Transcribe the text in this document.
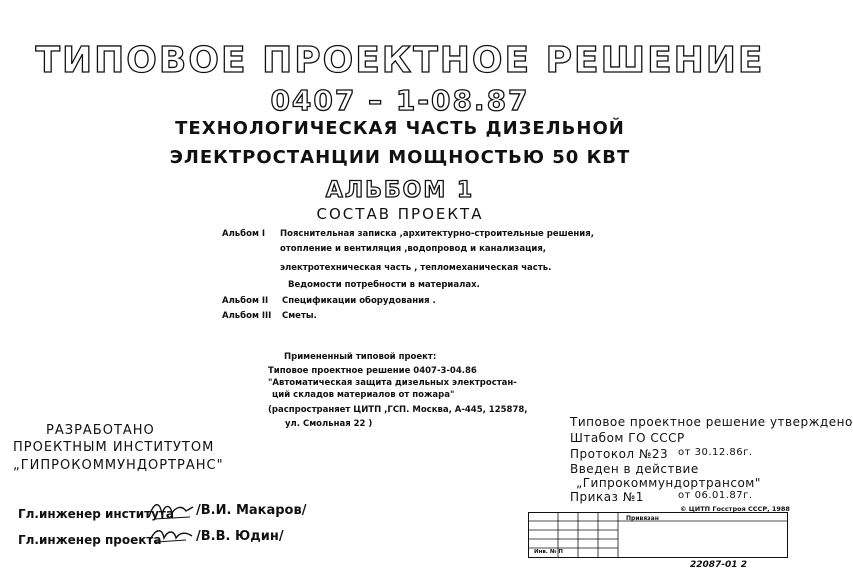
ТИПОВОЕ ПРОЕКТНОЕ РЕШЕНИЕ
0407 – 1-08.87
ТЕХНОЛОГИЧЕСКАЯ ЧАСТЬ ДИЗЕЛЬНОЙ
ЭЛЕКТРОСТАНЦИИ МОЩНОСТЬЮ 50 КВТ
АЛЬБОМ 1
СОСТАВ ПРОЕКТА
Альбом I Пояснительная записка ,архитектурно-строительные решения,
отопление и вентиляция ,водопровод и канализация,
электротехническая часть , тепломеханическая часть.
Ведомости потребности в материалах.
Альбом II Спецификации оборудования .
Альбом III Сметы.
Примененный типовой проект:
Типовое проектное решение 0407-3-04.86
"Автоматическая защита дизельных электростан-
ций складов материалов от пожара"
(распространяет ЦИТП ,ГСП. Москва, А-445, 125878,
ул. Смольная 22 )
РАЗРАБОТАНО
ПРОЕКТНЫМ ИНСТИТУТОМ
„ГИПРОКОММУНДОРТРАНС"
Типовое проектное решение утверждено
Штабом ГО СССР
Протокол №23 от 30.12.86г.
Введен в действие
„Гипрокоммундортрансом"
Приказ №1	от 06.01.87г.
Гл.инженер института /В.И. Макаров/
Гл.инженер проекта	/В.В. Юдин/
© ЦИТП Госстроя СССР, 1988
Привязан
Инв. № П
22087-01 2
